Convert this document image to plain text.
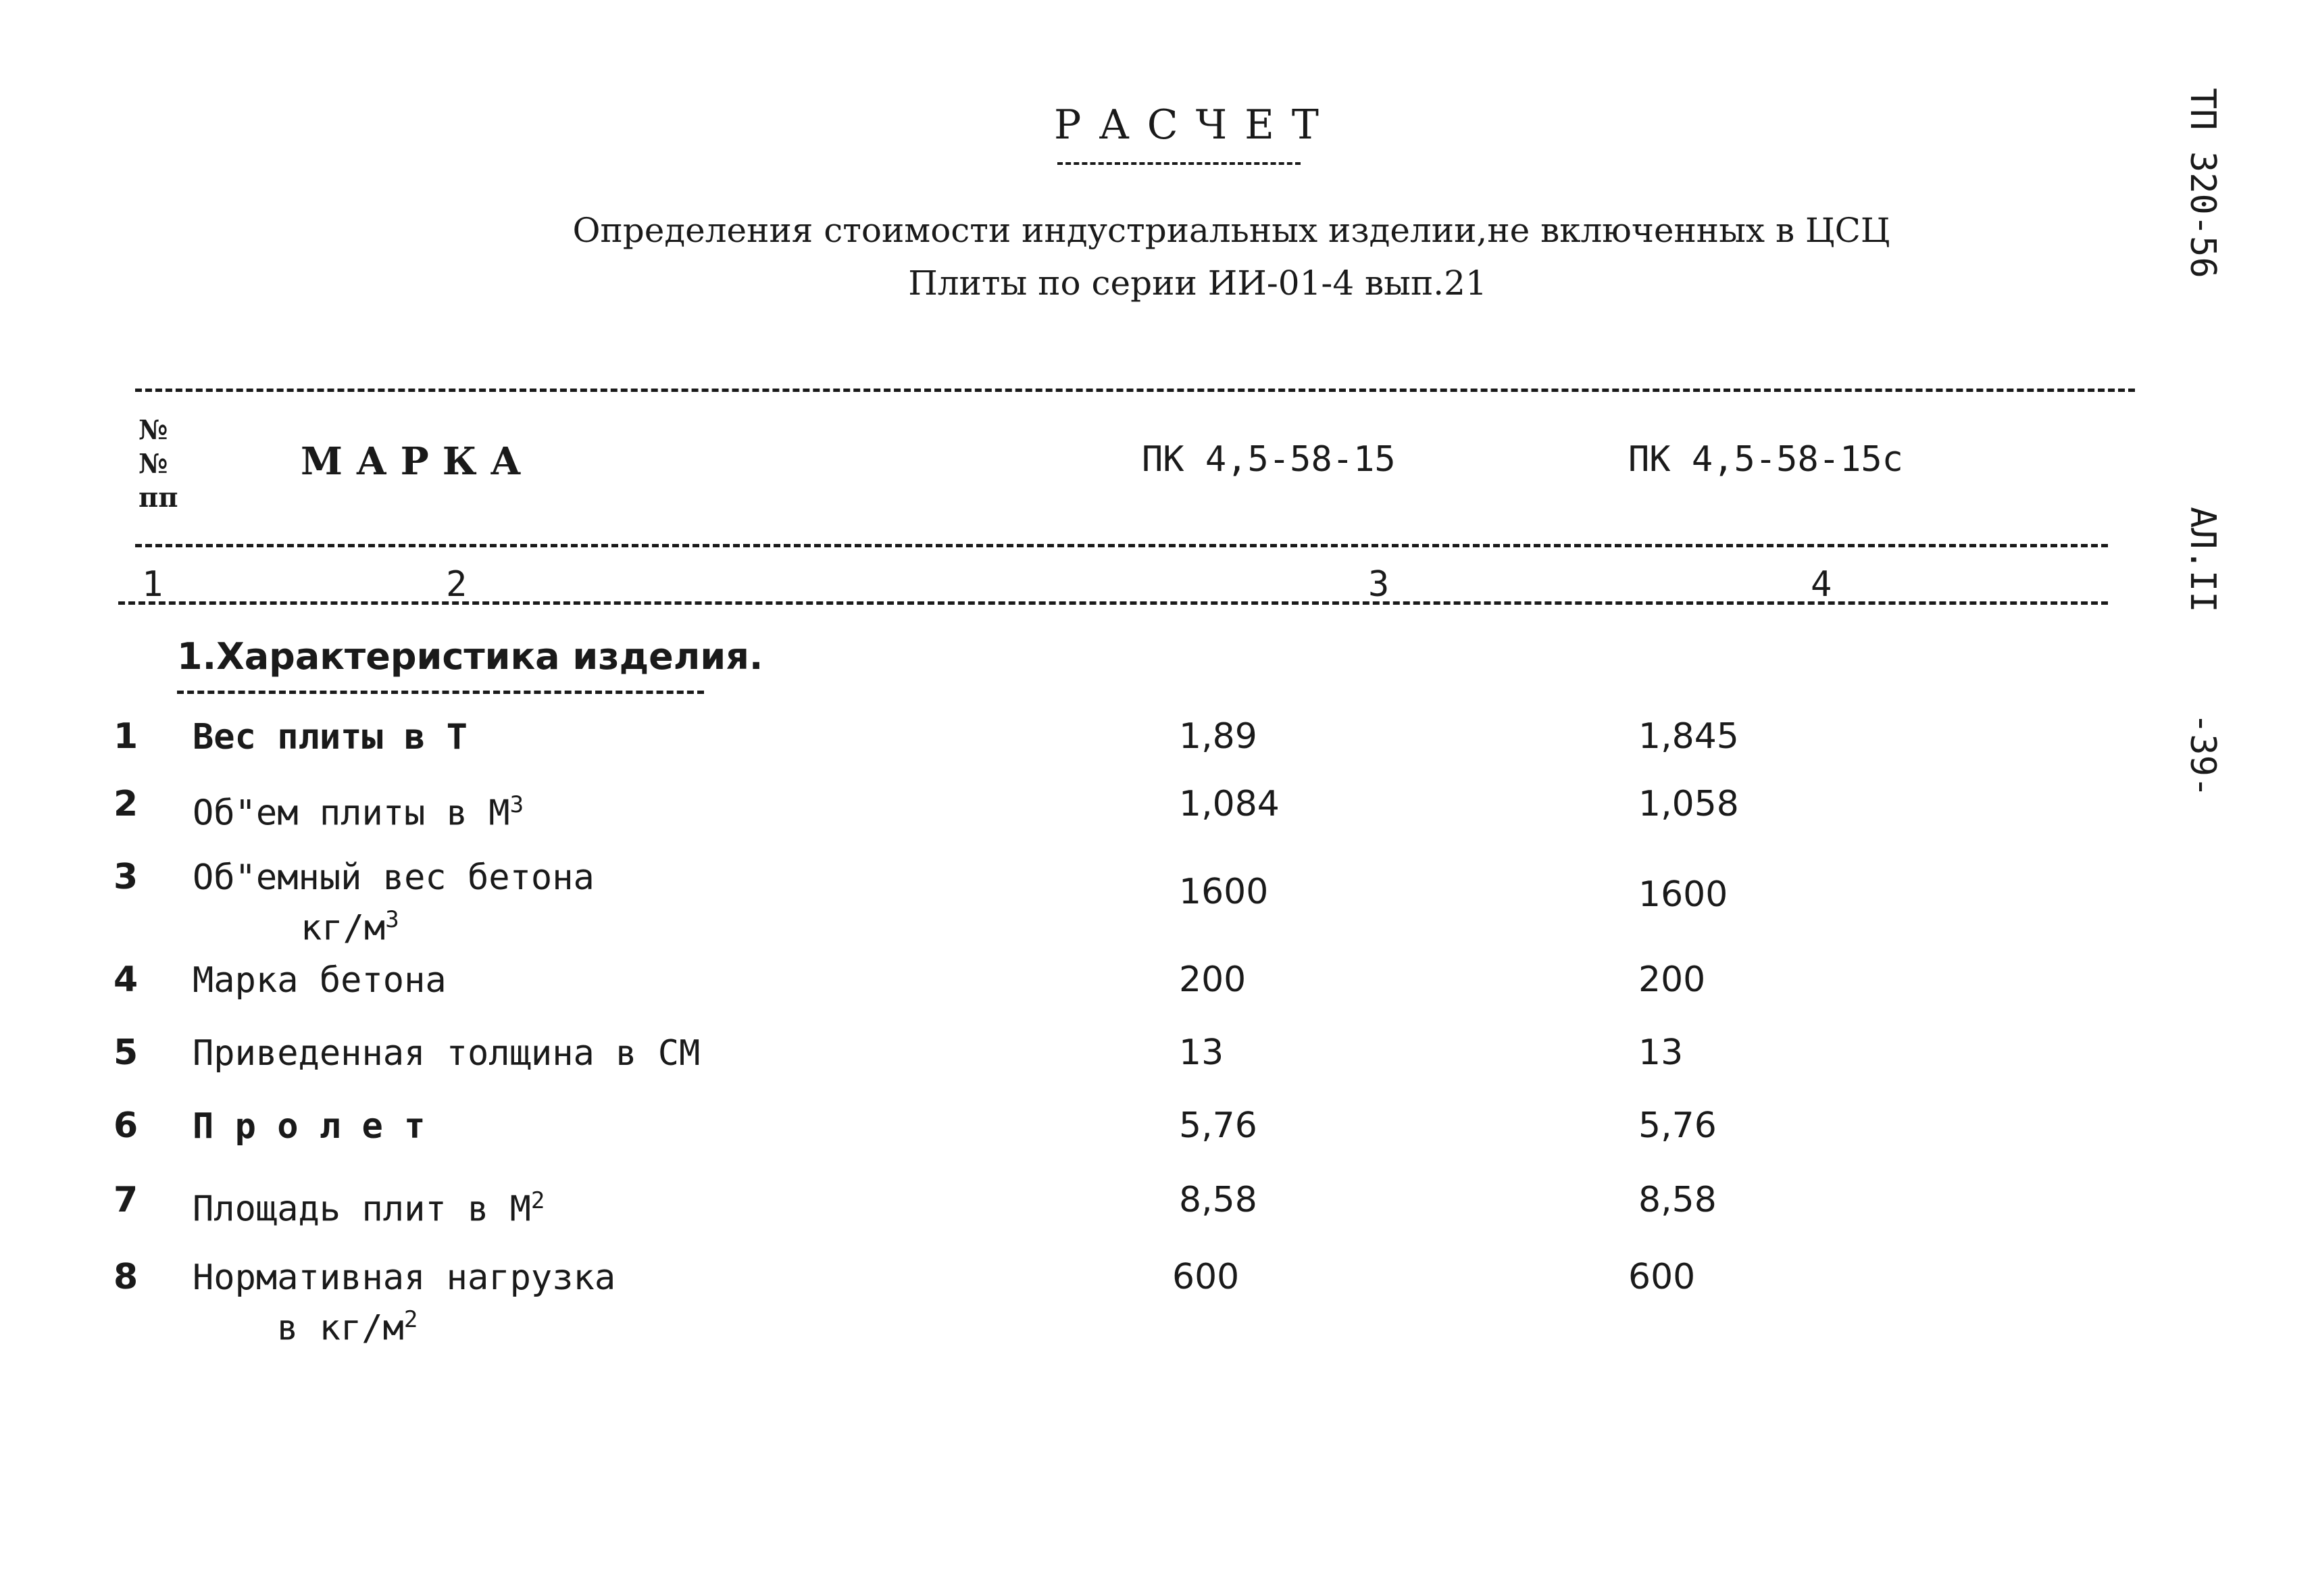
РАСЧЕТ
Определения стоимости индустриальных изделии,не включенных в ЦСЦ
Плиты по серии ИИ-01-4 вып.21
ТП 320-56
АЛ.II
-39-
№№ пп
МАРКА	ПК 4,5-58-15	ПК 4,5-58-15с
1	2	3	4
1.Характеристика изделия.
1 Вес плиты в Т	1,89	1,845
2 Об"ем плиты в $М^3$	1,084	1,058
3 Об"емный вес бетона
$кг/м^3$
1600	1600
4 Марка бетона	200	200
5 Приведенная толщина в СМ	13	13
6 П р о л е т	5,76	5,76
7 Площадь плит в $М^2$	8,58	8,58
8 Нормативная нагрузка
в $кг/м^2$
600	600
